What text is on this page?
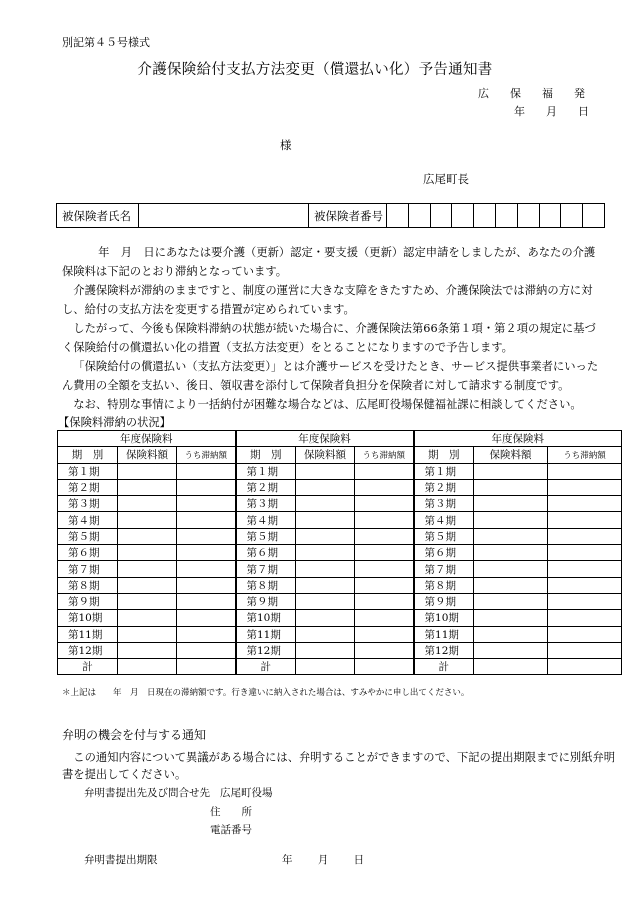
別記第４５号様式
介護保険給付支払方法変更（償還払い化）予告通知書
広 保 福 発
年 月 日
様
広尾町長
被保険者氏名		被保険者番号										

年　月　日にあなたは要介護（更新）認定・要支援（更新）認定申請をしましたが、あなたの介護保険料は下記のとおり滞納となっています。

介護保険料が滞納のままですと、制度の運営に大きな支障をきたすため、介護保険法では滞納の方に対し、給付の支払方法を変更する措置が定められています。

したがって、今後も保険料滞納の状態が続いた場合に、介護保険法第66条第１項・第２項の規定に基づく保険給付の償還払い化の措置（支払方法変更）をとることになりますので予告します。

「保険給付の償還払い（支払方法変更）」とは介護サービスを受けたとき、サービス提供事業者にいったん費用の全額を支払い、後日、領収書を添付して保険者負担分を保険者に対して請求する制度です。

なお、特別な事情により一括納付が困難な場合などは、広尾町役場保健福祉課に相談してください。

【保険料滞納の状況】
年度保険料			年度保険料			年度保険料		
期　別	保険料額	うち滞納額	期　別	保険料額	うち滞納額	期　別	保険料額	うち滞納額
第１期			第１期			第１期		
第２期			第２期			第２期		
第３期			第３期			第３期		
第４期			第４期			第４期		
第５期			第５期			第５期		
第６期			第６期			第６期		
第７期			第７期			第７期		
第８期			第８期			第８期		
第９期			第９期			第９期		
第10期			第10期			第10期		
第11期			第11期			第11期		
第12期			第12期			第12期		
計			計			計		
＊上記は　　年　月　日現在の滞納額です。行き違いに納入された場合は、すみやかに申し出てください。
弁明の機会を付与する通知

この通知内容について異議がある場合には、弁明することができますので、下記の提出期限までに別紙弁明書を提出してください。

弁明書提出先及び問合せ先 広尾町役場
住　　所
電話番号
弁明書提出期限	年 月 日
